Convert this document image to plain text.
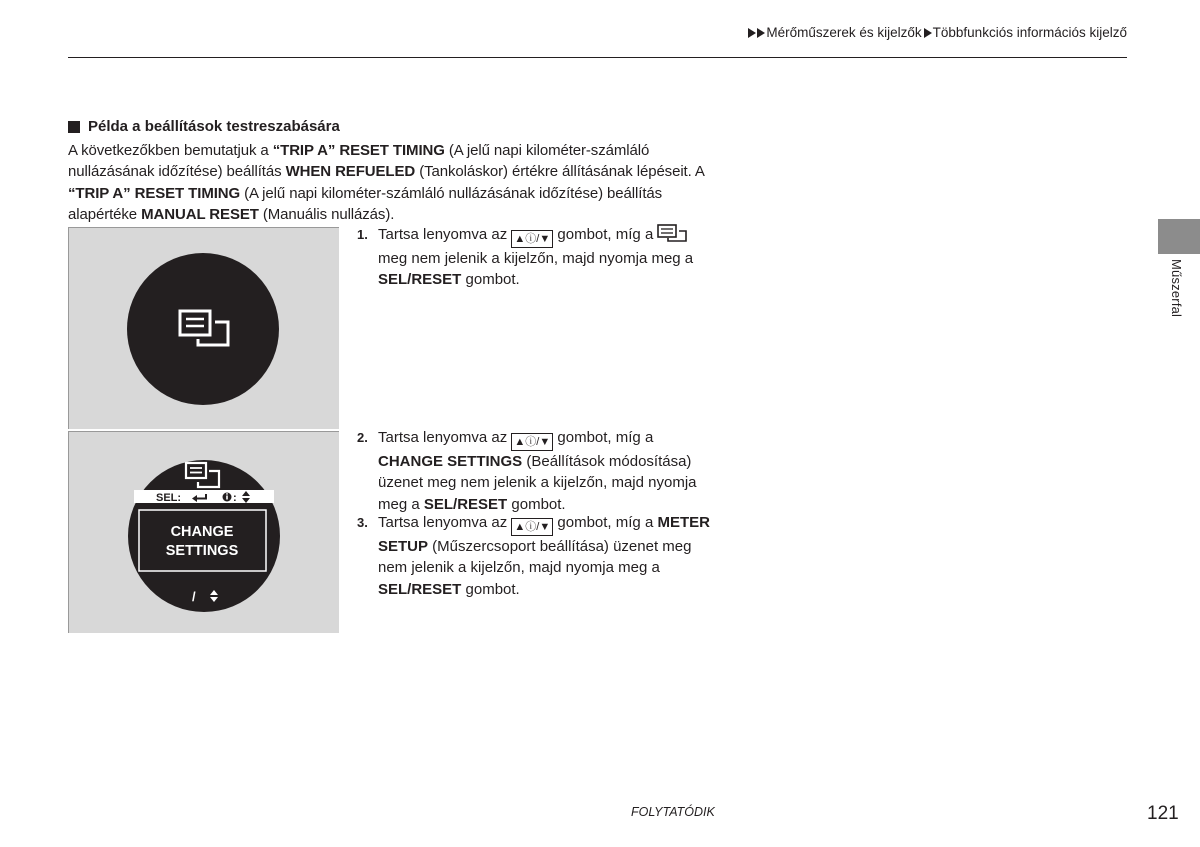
Mérőműszerek és kijelzők Többfunkciós információs kijelző
Műszerfal
Példa a beállítások testreszabására
A következőkben bemutatjuk a “TRIP A” RESET TIMING (A jelű napi kilométer-számláló nullázásának időzítése) beállítás WHEN REFUELED (Tankoláskor) értékre állításának lépéseit. A “TRIP A” RESET TIMING (A jelű napi kilométer-számláló nullázásának időzítése) beállítás alapértéke MANUAL RESET (Manuális nullázás).
SEL:	:
CHANGE
SETTINGS
/
1. Tartsa lenyomva az ▲ⓘ/▼ gombot, míg a  meg nem jelenik a kijelzőn, majd nyomja meg a SEL/RESET gombot.
2. Tartsa lenyomva az ▲ⓘ/▼ gombot, míg a CHANGE SETTINGS (Beállítások módosítása) üzenet meg nem jelenik a kijelzőn, majd nyomja meg a SEL/RESET gombot.
3. Tartsa lenyomva az ▲ⓘ/▼ gombot, míg a METER SETUP (Műszercsoport beállítása) üzenet meg nem jelenik a kijelzőn, majd nyomja meg a SEL/RESET gombot.
FOLYTATÓDIK	121
